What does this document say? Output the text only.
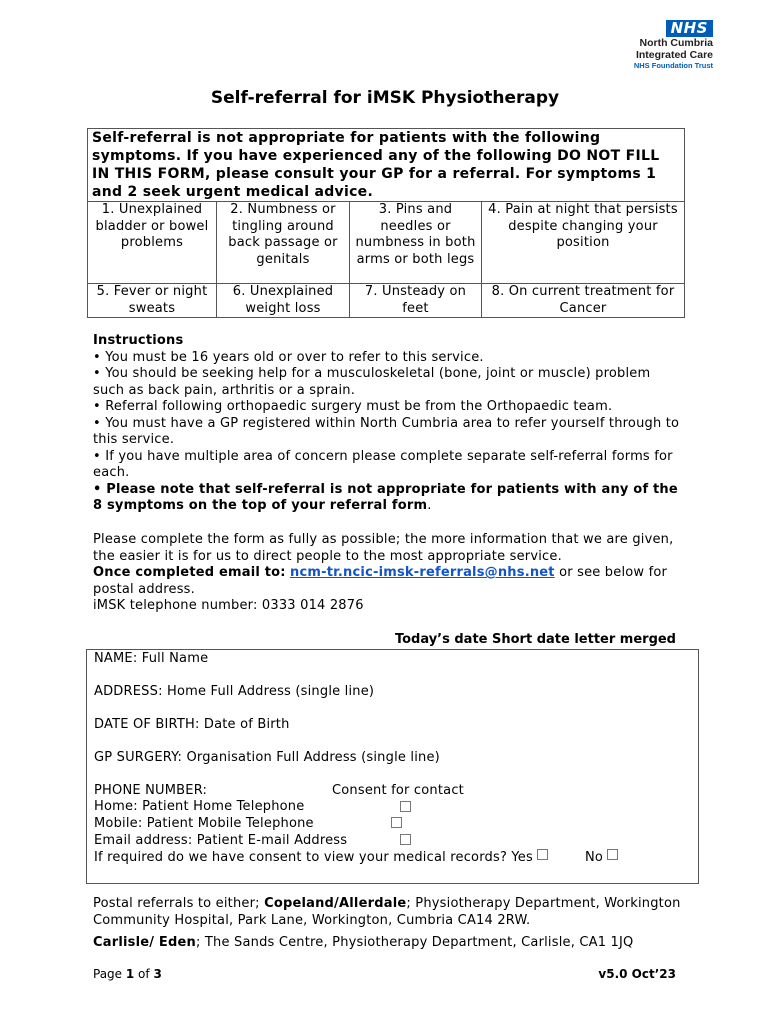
NHS
North Cumbria
Integrated Care
NHS Foundation Trust
Self-referral for iMSK Physiotherapy
Self-referral is not appropriate for patients with the following symptoms. If you have experienced any of the following DO NOT FILL IN THIS FORM, please consult your GP for a referral. For symptoms 1 and 2 seek urgent medical advice.			
1. Unexplained bladder or bowel problems	2. Numbness or tingling around back passage or genitals	3. Pins and needles or numbness in both arms or both legs	4. Pain at night that persists despite changing your position
5. Fever or night sweats	6. Unexplained weight loss	7. Unsteady on feet	8. On current treatment for Cancer
Instructions
• You must be 16 years old or over to refer to this service.
• You should be seeking help for a musculoskeletal (bone, joint or muscle) problem such as back pain, arthritis or a sprain.
• Referral following orthopaedic surgery must be from the Orthopaedic team.
• You must have a GP registered within North Cumbria area to refer yourself through to this service.
• If you have multiple area of concern please complete separate self-referral forms for each.
• Please note that self-referral is not appropriate for patients with any of the 8 symptoms on the top of your referral form.
Please complete the form as fully as possible; the more information that we are given, the easier it is for us to direct people to the most appropriate service.
Once completed email to: ncm-tr.ncic-imsk-referrals@nhs.net or see below for postal address.
iMSK telephone number: 0333 014 2876
Today’s date Short date letter merged
NAME: Full Name
ADDRESS: Home Full Address (single line)
DATE OF BIRTH: Date of Birth
GP SURGERY: Organisation Full Address (single line)
PHONE NUMBER:	Consent for contact
Home: Patient Home Telephone
Mobile: Patient Mobile Telephone
Email address: Patient E-mail Address
If required do we have consent to view your medical records? Yes	No
Postal referrals to either; Copeland/Allerdale; Physiotherapy Department, Workington Community Hospital, Park Lane, Workington, Cumbria CA14 2RW.
Carlisle/ Eden; The Sands Centre, Physiotherapy Department, Carlisle, CA1 1JQ
Page 1 of 3	v5.0 Oct’23
